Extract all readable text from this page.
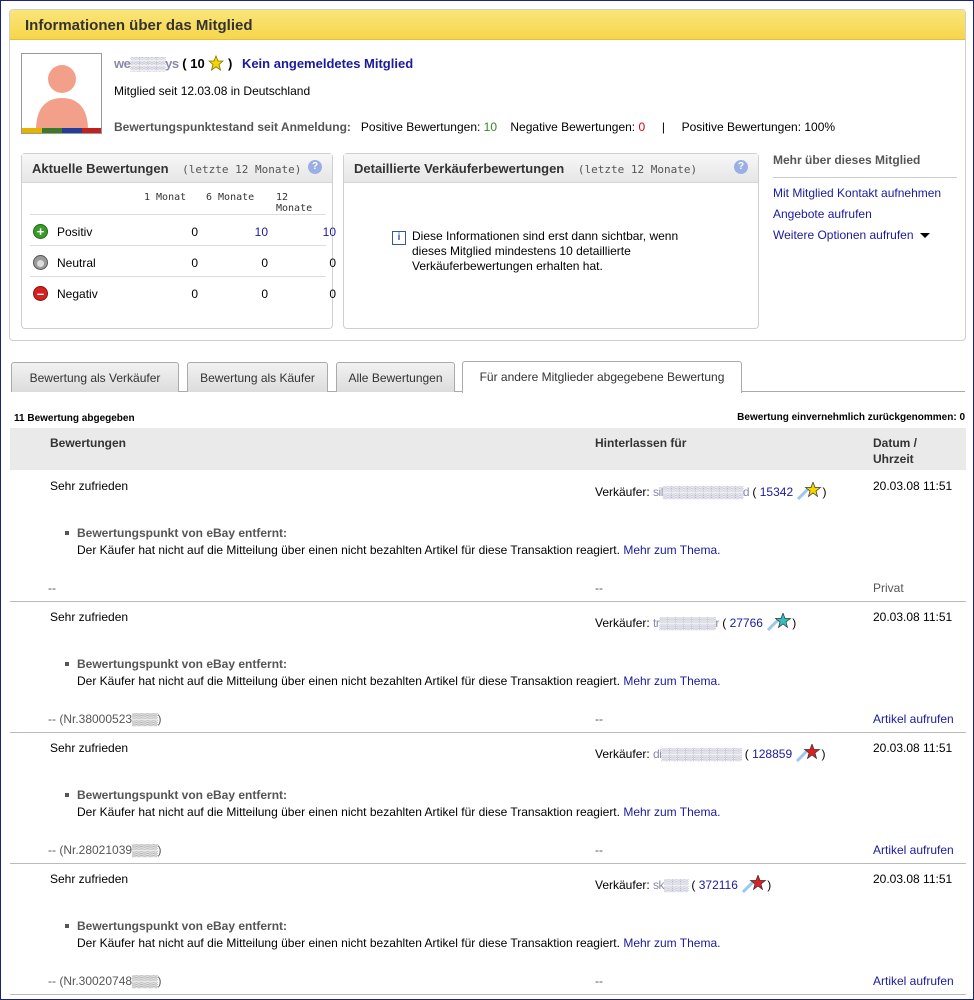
Informationen über das Mitglied
we▒▒▒▒ys ( 10 ) Kein angemeldetes Mitglied
Mitglied seit 12.03.08 in Deutschland
Bewertungspunktestand seit Anmeldung: Positive Bewertungen: 10 Negative Bewertungen: 0 | Positive Bewertungen: 100%
Aktuelle Bewertungen (letzte 12 Monate)	?
1 Monat 6 Monate 12 Monate
+	Positiv	0	10	10
Neutral	0	0	0
–	Negativ	0	0	0
Detaillierte Verkäuferbewertungen (letzte 12 Monate)	?
i Diese Informationen sind erst dann sichtbar, wenn dieses Mitglied mindestens 10 detaillierte Verkäuferbewertungen erhalten hat.
Mehr über dieses Mitglied
Mit Mitglied Kontakt aufnehmen
Angebote aufrufen
Weitere Optionen aufrufen
Bewertung als Verkäufer	Bewertung als Käufer	Alle Bewertungen	Für andere Mitglieder abgegebene Bewertung
11 Bewertung abgegeben	Bewertung einvernehmlich zurückgenommen: 0
Bewertungen	Hinterlassen für	Datum /
Uhrzeit
Sehr zufrieden	Verkäufer: sil▒▒▒▒▒▒▒▒▒▒d ( 15342 )	20.03.08 11:51
Bewertungspunkt von eBay entfernt:
Der Käufer hat nicht auf die Mitteilung über einen nicht bezahlten Artikel für diese Transaktion reagiert. Mehr zum Thema.
--	--	Privat
Sehr zufrieden	Verkäufer: tr▒▒▒▒▒▒▒r ( 27766 )	20.03.08 11:51
Bewertungspunkt von eBay entfernt:
Der Käufer hat nicht auf die Mitteilung über einen nicht bezahlten Artikel für diese Transaktion reagiert. Mehr zum Thema.
-- (Nr.38000523▒▒▒)	--	Artikel aufrufen
Sehr zufrieden	Verkäufer: di▒▒▒▒▒▒▒▒▒▒ ( 128859 )	20.03.08 11:51
Bewertungspunkt von eBay entfernt:
Der Käufer hat nicht auf die Mitteilung über einen nicht bezahlten Artikel für diese Transaktion reagiert. Mehr zum Thema.
-- (Nr.28021039▒▒▒)	--	Artikel aufrufen
Sehr zufrieden	Verkäufer: sk▒▒▒ ( 372116 )	20.03.08 11:51
Bewertungspunkt von eBay entfernt:
Der Käufer hat nicht auf die Mitteilung über einen nicht bezahlten Artikel für diese Transaktion reagiert. Mehr zum Thema.
-- (Nr.30020748▒▒▒)	--	Artikel aufrufen
